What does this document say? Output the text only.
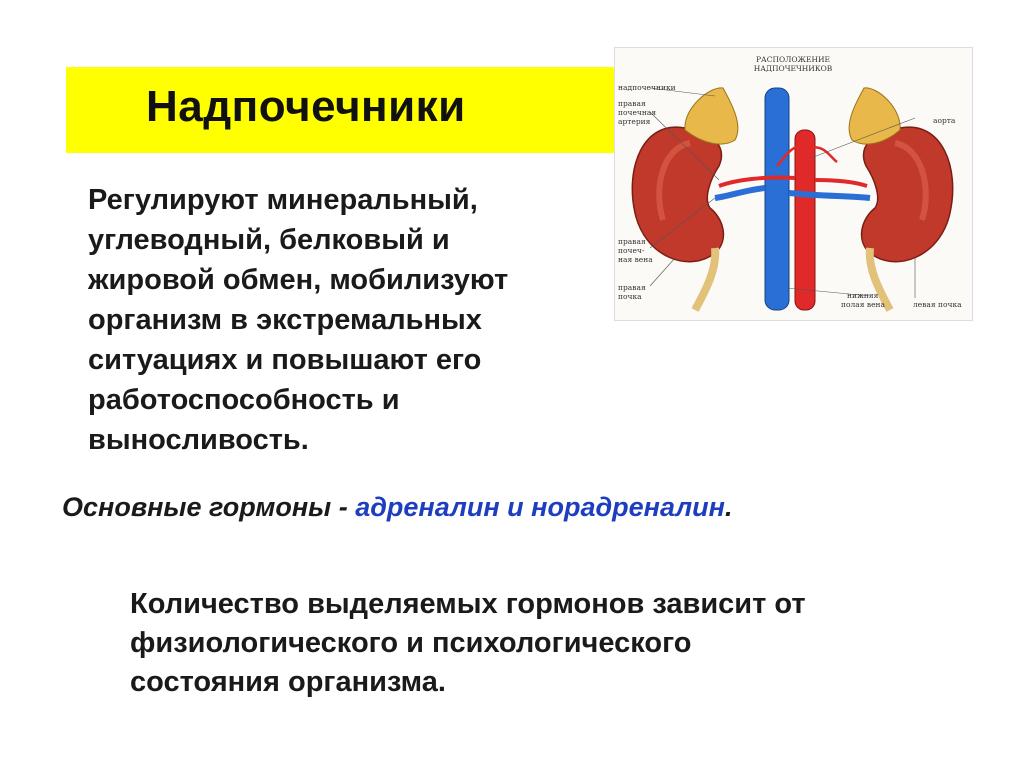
Надпочечники
Регулируют минеральный,
углеводный, белковый и
жировой обмен, мобилизуют
организм в экстремальных
ситуациях и повышают его
работоспособность и
выносливость.
Основные гормоны - адреналин и норадреналин.
Количество выделяемых гормонов зависит от
физиологического и психологического
состояния организма.
РАСПОЛОЖЕНИЕ
НАДПОЧЕЧНИКОВ
надпочечники
правая
почечная
артерия	аорта
правая
почеч-
ная вена
правая
почка	нижняя
полая вена	левая почка
